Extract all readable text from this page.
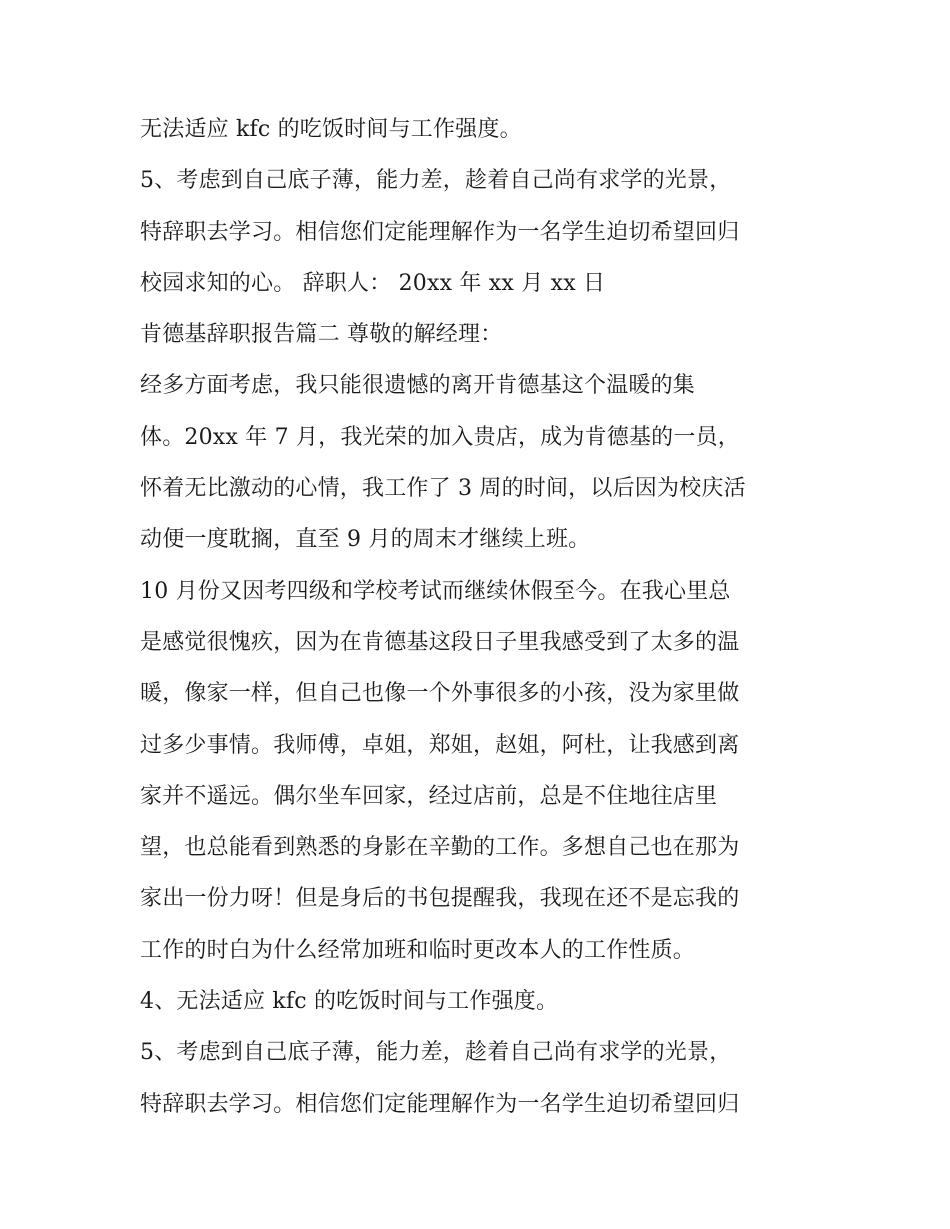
无法适应 kfc 的吃饭时间与工作强度。
5、考虑到自己底子薄，能力差，趁着自己尚有求学的光景，
特辞职去学习。相信您们定能理解作为一名学生迫切希望回归
校园求知的心。 辞职人： 20xx 年 xx 月 xx 日
肯德基辞职报告篇二 尊敬的解经理：
经多方面考虑，我只能很遗憾的离开肯德基这个温暖的集
体。20xx 年 7 月，我光荣的加入贵店，成为肯德基的一员，
怀着无比激动的心情，我工作了 3 周的时间，以后因为校庆活
动便一度耽搁，直至 9 月的周末才继续上班。
10 月份又因考四级和学校考试而继续休假至今。在我心里总
是感觉很愧疚，因为在肯德基这段日子里我感受到了太多的温
暖，像家一样，但自己也像一个外事很多的小孩，没为家里做
过多少事情。我师傅，卓姐，郑姐，赵姐，阿杜，让我感到离
家并不遥远。偶尔坐车回家，经过店前，总是不住地往店里
望，也总能看到熟悉的身影在辛勤的工作。多想自己也在那为
家出一份力呀！但是身后的书包提醒我，我现在还不是忘我的
工作的时白为什么经常加班和临时更改本人的工作性质。
4、无法适应 kfc 的吃饭时间与工作强度。
5、考虑到自己底子薄，能力差，趁着自己尚有求学的光景，
特辞职去学习。相信您们定能理解作为一名学生迫切希望回归
